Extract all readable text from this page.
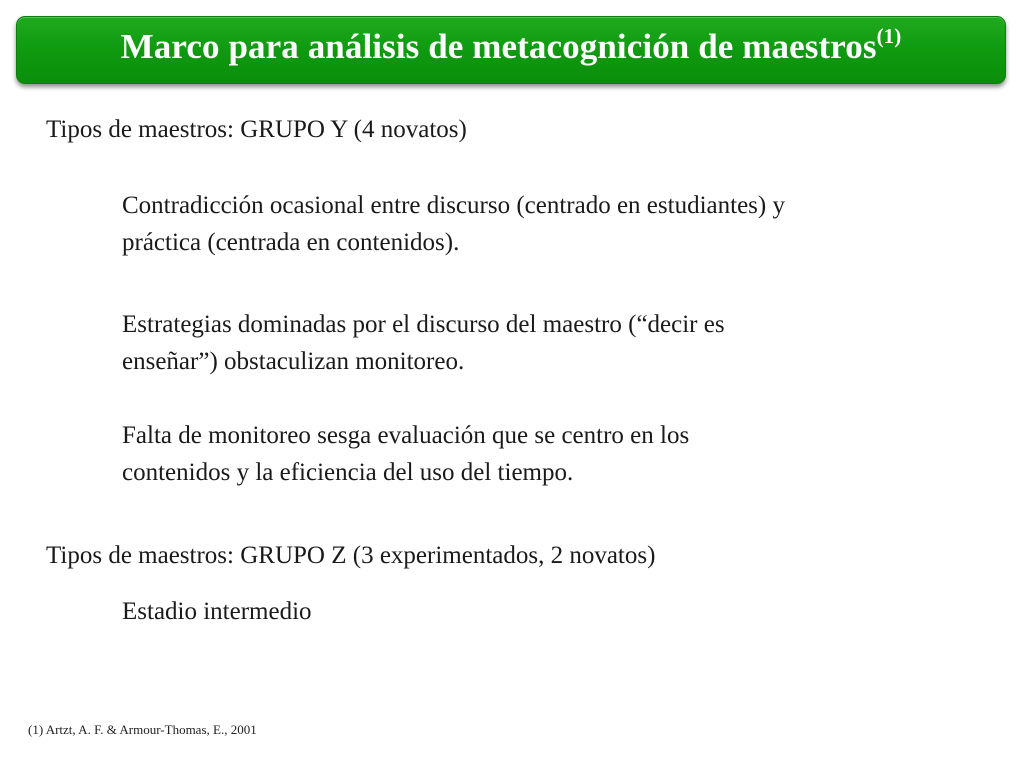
Marco para análisis de metacognición de maestros$^{(1)}$
Tipos de maestros: GRUPO Y (4 novatos)
Contradicción ocasional entre discurso (centrado en estudiantes) y
práctica (centrada en contenidos).
Estrategias dominadas por el discurso del maestro (“decir es
enseñar”) obstaculizan monitoreo.
Falta de monitoreo sesga evaluación que se centro en los
contenidos y la eficiencia del uso del tiempo.
Tipos de maestros: GRUPO Z (3 experimentados, 2 novatos)
Estadio intermedio
(1) Artzt, A. F. & Armour-Thomas, E., 2001
